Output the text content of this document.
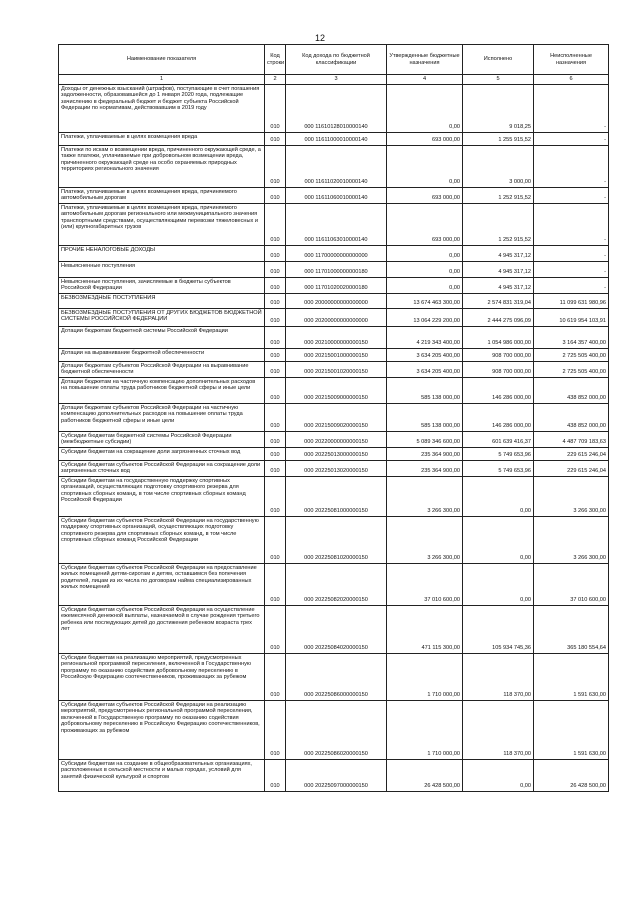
12
Наименование показателя	Код строки	Код дохода по бюджетной классификации	Утвержденные бюджетные назначения	Исполнено	Неисполненные назначения
1	2	3	4	5	6
Доходы от денежных взысканий (штрафов), поступающие в счет погашения задолженности, образовавшейся до 1 января 2020 года, подлежащие зачислению в федеральный бюджет и бюджет субъекта Российской Федерации по нормативам, действовавшим в 2019 году	010	000 11610128010000140	0,00	9 018,25	-
Платежи, уплачиваемые в целях возмещения вреда	010	000 11611000010000140	693 000,00	1 255 915,52	-
Платежи по искам о возмещении вреда, причиненного окружающей среде, а также платежи, уплачиваемые при добровольном возмещении вреда, причиненного окружающей среде на особо охраняемых природных территориях регионального значения	010	000 11611020010000140	0,00	3 000,00	-
Платежи, уплачиваемые в целях возмещения вреда, причиняемого автомобильным дорогам	010	000 11611060010000140	693 000,00	1 252 915,52	-
Платежи, уплачиваемые в целях возмещения вреда, причиняемого автомобильным дорогам регионального или межмуниципального значения транспортными средствами, осуществляющими перевозки тяжеловесных и (или) крупногабаритных грузов	010	000 11611063010000140	693 000,00	1 252 915,52	-
ПРОЧИЕ НЕНАЛОГОВЫЕ ДОХОДЫ	010	000 11700000000000000	0,00	4 945 317,12	-
Невыясненные поступления	010	000 11701000000000180	0,00	4 945 317,12	-
Невыясненные поступления, зачисляемые в бюджеты субъектов Российской Федерации	010	000 11701020020000180	0,00	4 945 317,12	-
БЕЗВОЗМЕЗДНЫЕ ПОСТУПЛЕНИЯ	010	000 20000000000000000	13 674 463 300,00	2 574 831 319,04	11 099 631 980,96
БЕЗВОЗМЕЗДНЫЕ ПОСТУПЛЕНИЯ ОТ ДРУГИХ БЮДЖЕТОВ БЮДЖЕТНОЙ СИСТЕМЫ РОССИЙСКОЙ ФЕДЕРАЦИИ	010	000 20200000000000000	13 064 229 200,00	2 444 275 096,09	10 619 954 103,91
Дотации бюджетам бюджетной системы Российской Федерации	010	000 20210000000000150	4 219 343 400,00	1 054 986 000,00	3 164 357 400,00
Дотации на выравнивание бюджетной обеспеченности	010	000 20215001000000150	3 634 205 400,00	908 700 000,00	2 725 505 400,00
Дотации бюджетам субъектов Российской Федерации на выравнивание бюджетной обеспеченности	010	000 20215001020000150	3 634 205 400,00	908 700 000,00	2 725 505 400,00
Дотации бюджетам на частичную компенсацию дополнительных расходов на повышение оплаты труда работников бюджетной сферы и иные цели	010	000 20215009000000150	585 138 000,00	146 286 000,00	438 852 000,00
Дотации бюджетам субъектов Российской Федерации на частичную компенсацию дополнительных расходов на повышение оплаты труда работников бюджетной сферы и иные цели	010	000 20215009020000150	585 138 000,00	146 286 000,00	438 852 000,00
Субсидии бюджетам бюджетной системы Российской Федерации (межбюджетные субсидии)	010	000 20220000000000150	5 089 346 600,00	601 639 416,37	4 487 709 183,63
Субсидии бюджетам на сокращение доли загрязненных сточных вод	010	000 20225013000000150	235 364 900,00	5 749 653,96	229 615 246,04
Субсидии бюджетам субъектов Российской Федерации на сокращение доли загрязненных сточных вод	010	000 20225013020000150	235 364 900,00	5 749 653,96	229 615 246,04
Субсидии бюджетам на государственную поддержку спортивных организаций, осуществляющих подготовку спортивного резерва для спортивных сборных команд, в том числе спортивных сборных команд Российской Федерации	010	000 20225081000000150	3 266 300,00	0,00	3 266 300,00
Субсидии бюджетам субъектов Российской Федерации на государственную поддержку спортивных организаций, осуществляющих подготовку спортивного резерва для спортивных сборных команд, в том числе спортивных сборных команд Российской Федерации	010	000 20225081020000150	3 266 300,00	0,00	3 266 300,00
Субсидии бюджетам субъектов Российской Федерации на предоставление жилых помещений детям-сиротам и детям, оставшимся без попечения родителей, лицам из их числа по договорам найма специализированных жилых помещений	010	000 20225082020000150	37 010 600,00	0,00	37 010 600,00
Субсидии бюджетам субъектов Российской Федерации на осуществление ежемесячной денежной выплаты, назначаемой в случае рождения третьего ребенка или последующих детей до достижения ребенком возраста трех лет	010	000 20225084020000150	471 115 300,00	105 934 745,36	365 180 554,64
Субсидии бюджетам на реализацию мероприятий, предусмотренных региональной программой переселения, включенной в Государственную программу по оказанию содействия добровольному переселению в Российскую Федерацию соотечественников, проживающих за рубежом	010	000 20225086000000150	1 710 000,00	118 370,00	1 591 630,00
Субсидии бюджетам субъектов Российской Федерации на реализацию мероприятий, предусмотренных региональной программой переселения, включенной в Государственную программу по оказанию содействия добровольному переселению в Российскую Федерацию соотечественников, проживающих за рубежом	010	000 20225086020000150	1 710 000,00	118 370,00	1 591 630,00
Субсидии бюджетам на создание в общеобразовательных организациях, расположенных в сельской местности и малых городах, условий для занятий физической культурой и спортом	010	000 20225097000000150	26 428 500,00	0,00	26 428 500,00
